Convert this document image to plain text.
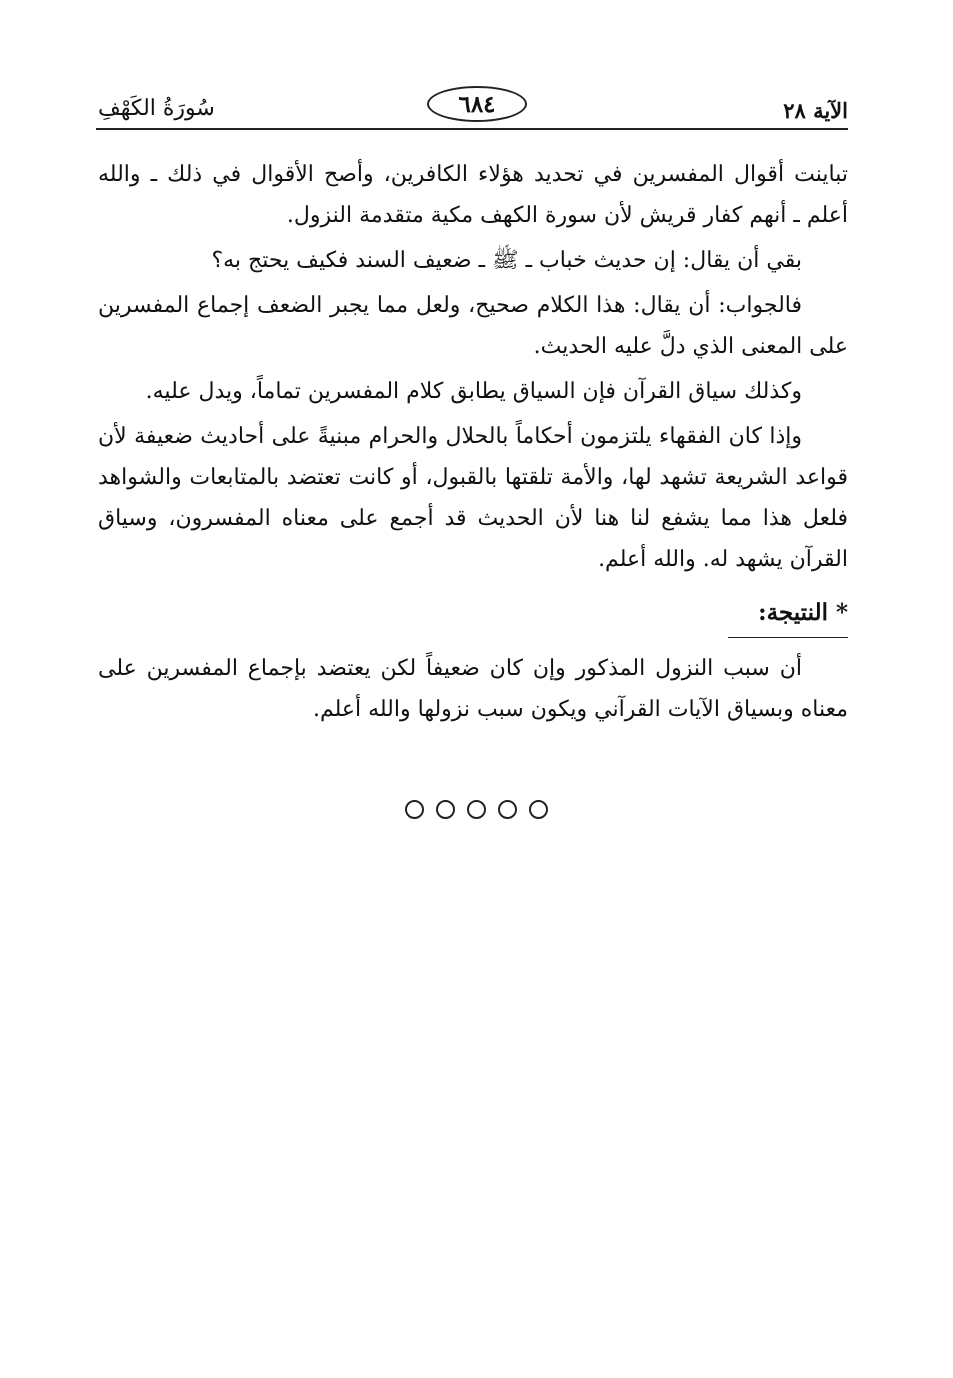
الآية ٢٨
٦٨٤
سُورَةُ الكَهْفِ

تباينت أقوال المفسرين في تحديد هؤلاء الكافرين، وأصح الأقوال في ذلك ـ والله أعلم ـ أنهم كفار قريش لأن سورة الكهف مكية متقدمة النزول.

بقي أن يقال: إن حديث خباب ـ ﷺ ـ ضعيف السند فكيف يحتج به؟

فالجواب: أن يقال: هذا الكلام صحيح، ولعل مما يجبر الضعف إجماع المفسرين على المعنى الذي دلَّ عليه الحديث.

وكذلك سياق القرآن فإن السياق يطابق كلام المفسرين تماماً، ويدل عليه.

وإذا كان الفقهاء يلتزمون أحكاماً بالحلال والحرام مبنيةً على أحاديث ضعيفة لأن قواعد الشريعة تشهد لها، والأمة تلقتها بالقبول، أو كانت تعتضد بالمتابعات والشواهد فلعل هذا مما يشفع لنا هنا لأن الحديث قد أجمع على معناه المفسرون، وسياق القرآن يشهد له. والله أعلم.

*النتيجة:

أن سبب النزول المذكور وإن كان ضعيفاً لكن يعتضد بإجماع المفسرين على معناه وبسياق الآيات القرآني ويكون سبب نزولها والله أعلم.
